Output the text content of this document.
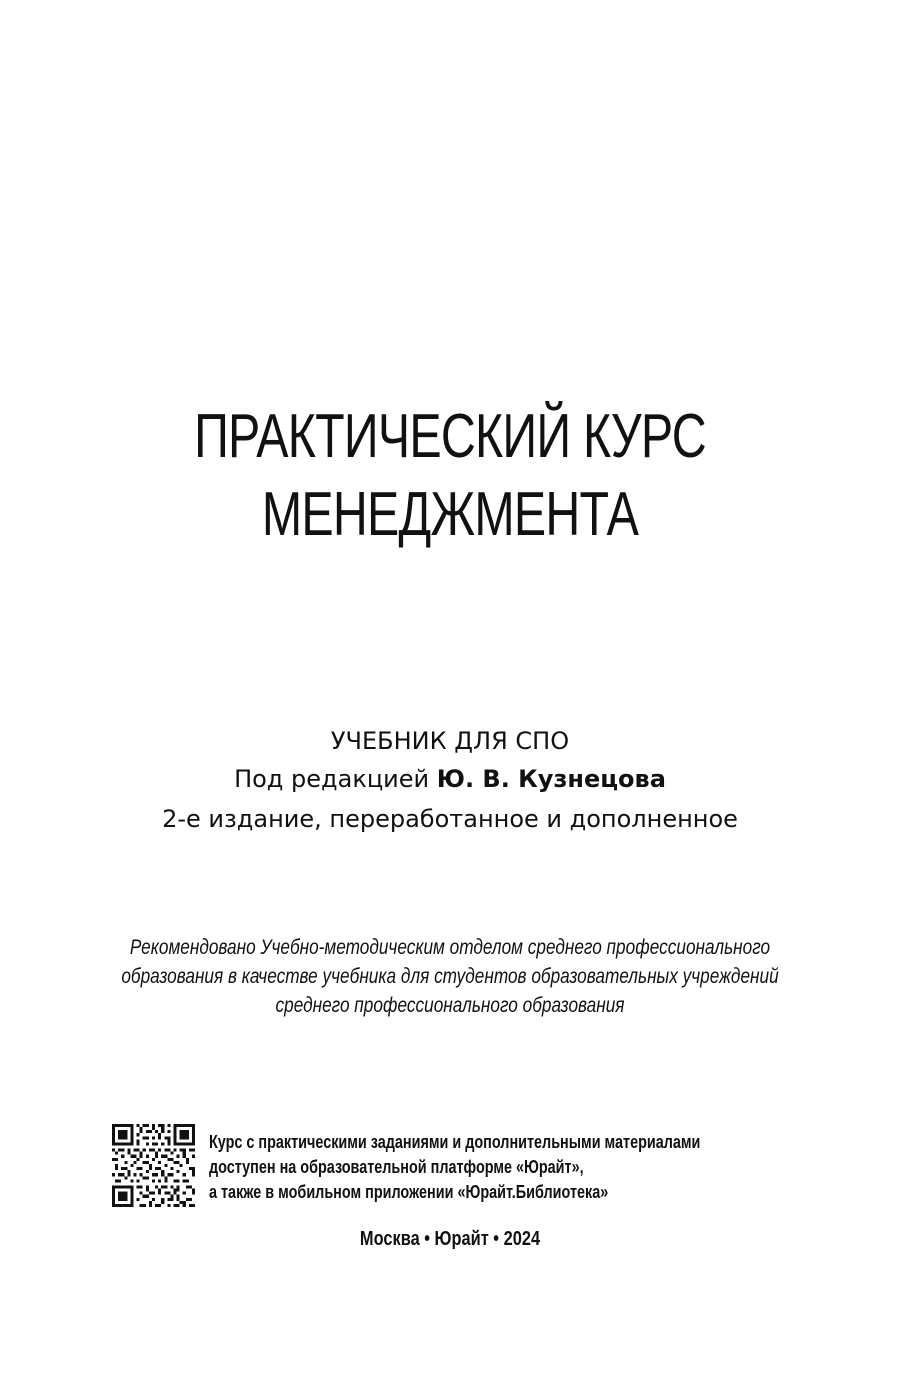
ПРАКТИЧЕСКИЙ КУРС
МЕНЕДЖМЕНТА
УЧЕБНИК ДЛЯ СПО
Под редакцией Ю. В. Кузнецова
2-е издание, переработанное и дополненное
Рекомендовано Учебно-методическим отделом среднего профессионального
образования в качестве учебника для студентов образовательных учреждений
среднего профессионального образования
Курс с практическими заданиями и дополнительными материалами
доступен на образовательной платформе «Юрайт»,
а также в мобильном приложении «Юрайт.Библиотека»
Москва • Юрайт • 2024
